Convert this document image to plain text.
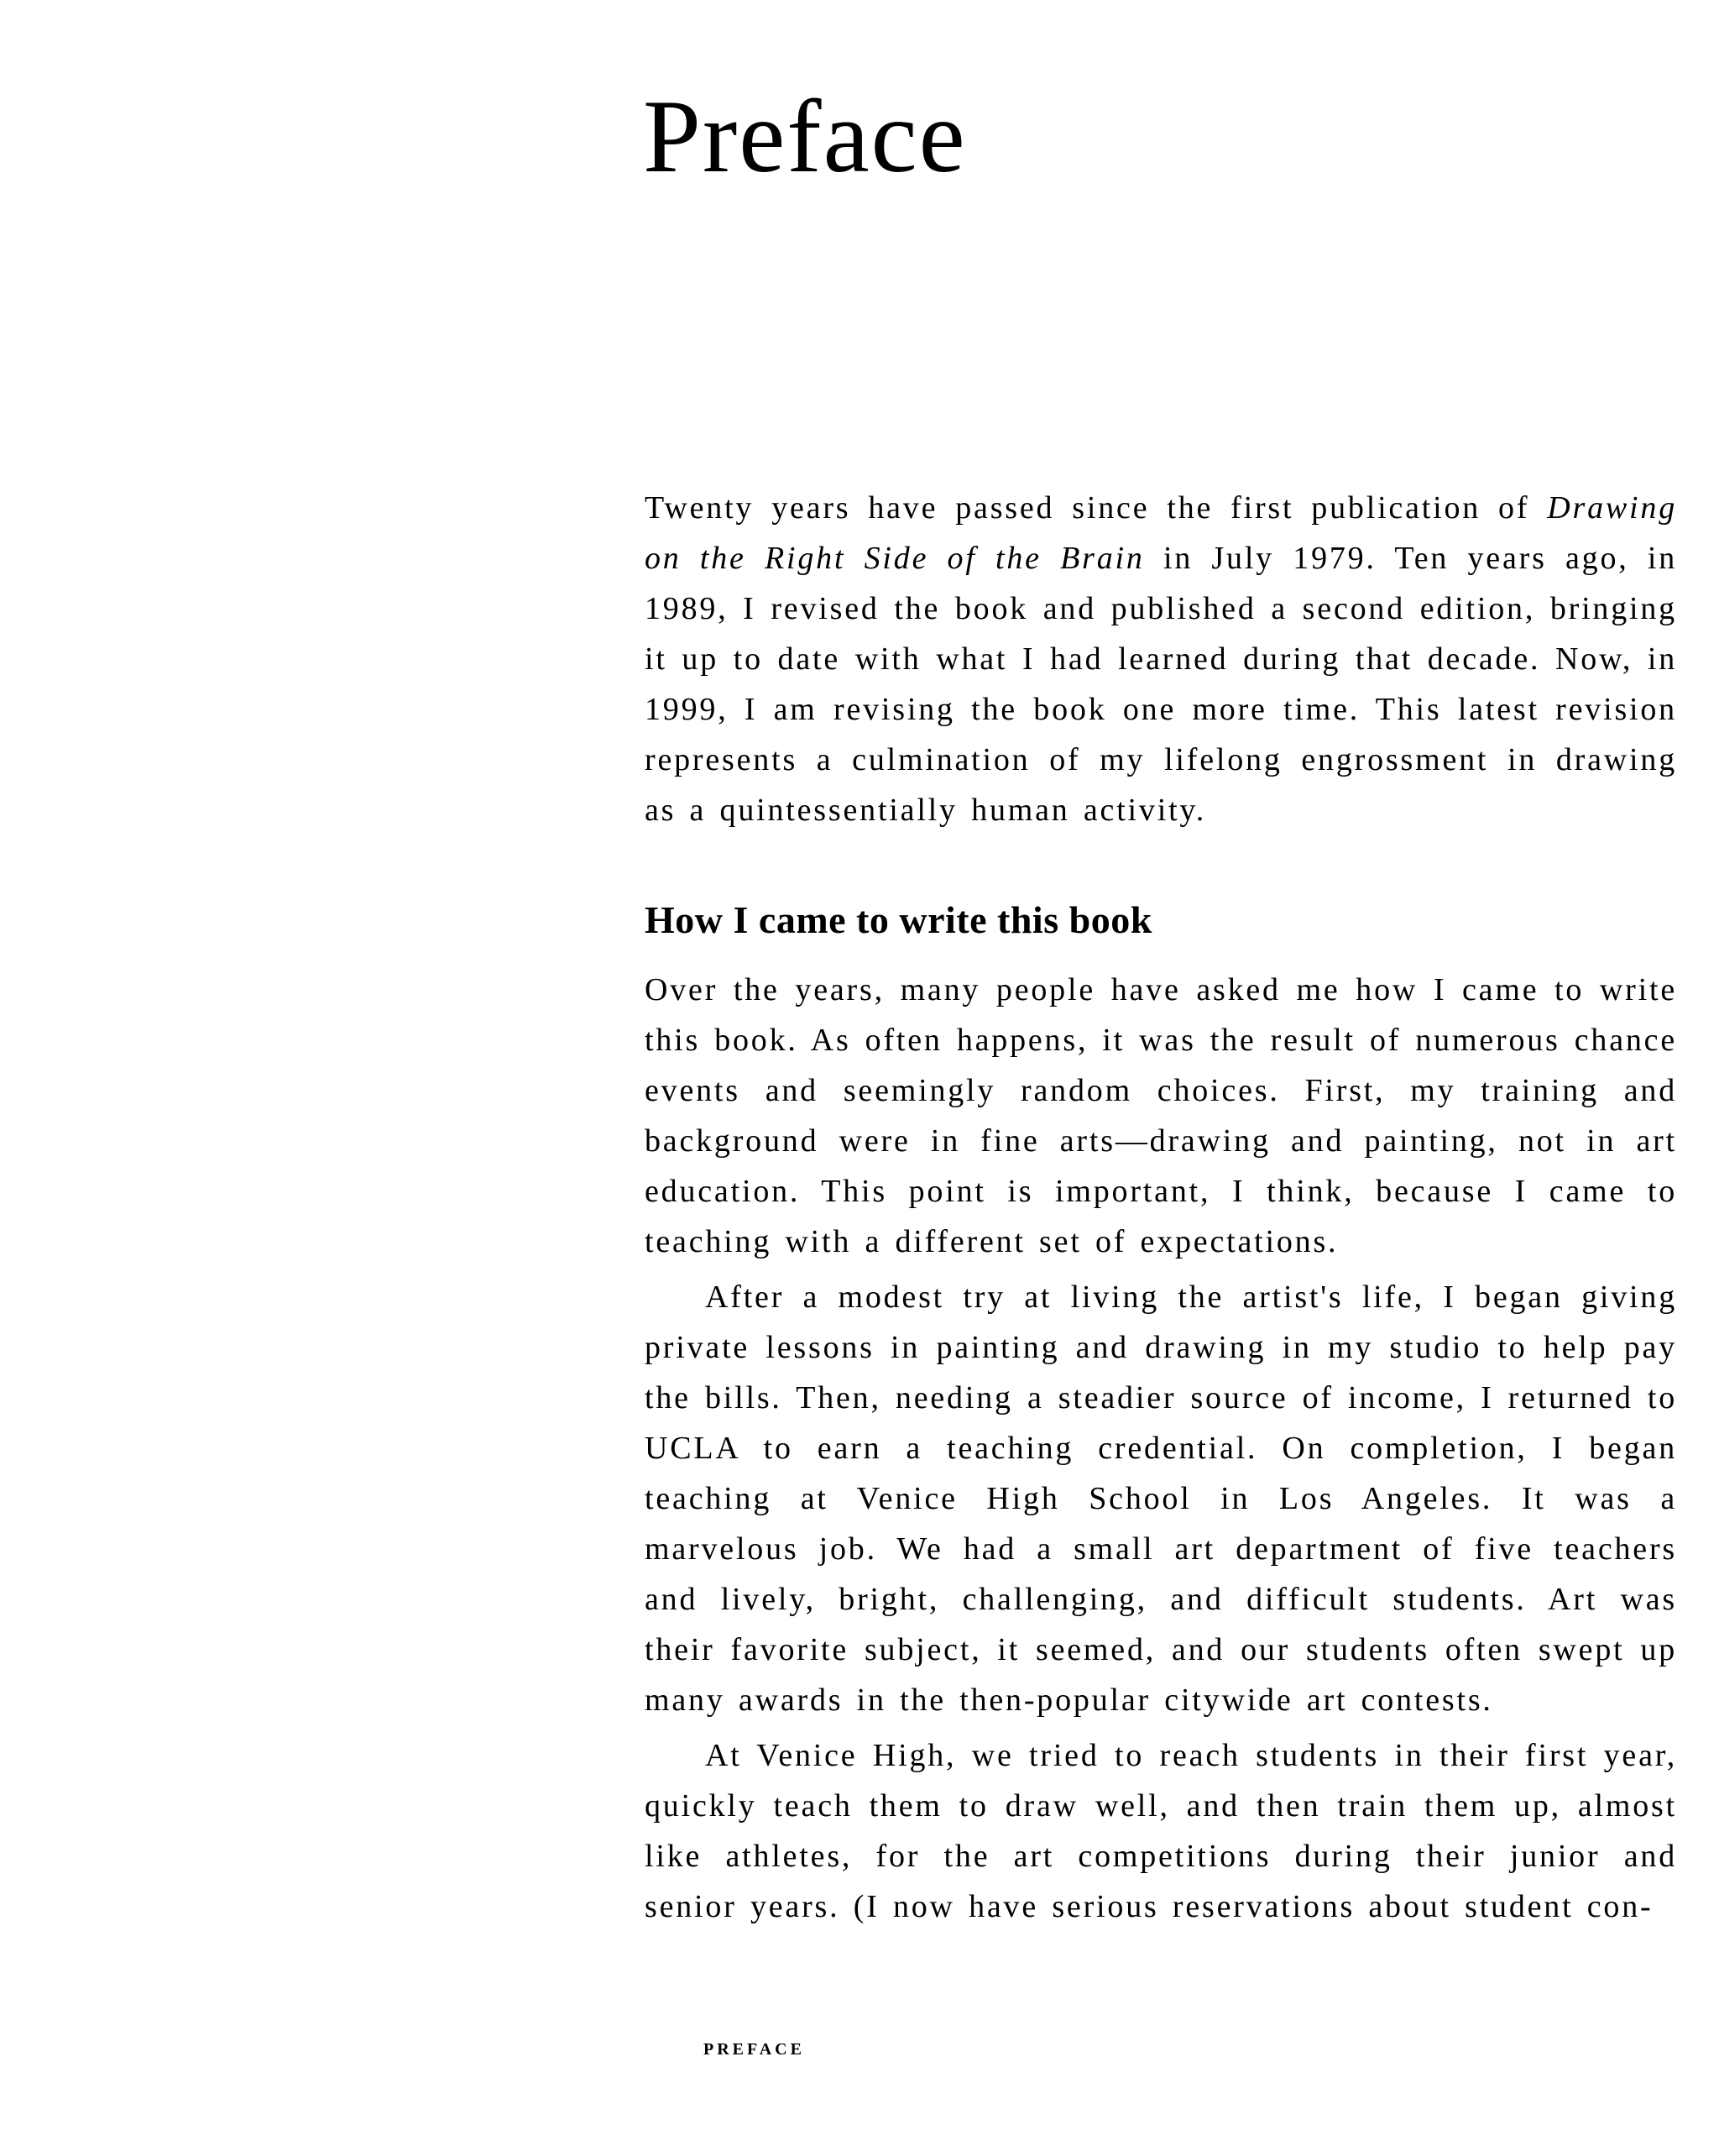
Preface

Twenty years have passed since the first publication of Drawing on the Right Side of the Brain in July 1979. Ten years ago, in 1989, I revised the book and published a second edition, bringing it up to date with what I had learned during that decade. Now, in 1999, I am revising the book one more time. This latest revision represents a culmination of my lifelong engrossment in drawing as a quintessentially human activity.

How I came to write this book

Over the years, many people have asked me how I came to write this book. As often happens, it was the result of numerous chance events and seemingly random choices. First, my training and background were in fine arts—drawing and painting, not in art education. This point is important, I think, because I came to teaching with a different set of expectations.

After a modest try at living the artist's life, I began giving private lessons in painting and drawing in my studio to help pay the bills. Then, needing a steadier source of income, I returned to UCLA to earn a teaching credential. On completion, I began teaching at Venice High School in Los Angeles. It was a marvelous job. We had a small art department of five teachers and lively, bright, challenging, and difficult students. Art was their favorite subject, it seemed, and our students often swept up many awards in the then-popular citywide art contests.

At Venice High, we tried to reach students in their first year, quickly teach them to draw well, and then train them up, almost like athletes, for the art competitions during their junior and senior years. (I now have serious reservations about student con-

PREFACE
